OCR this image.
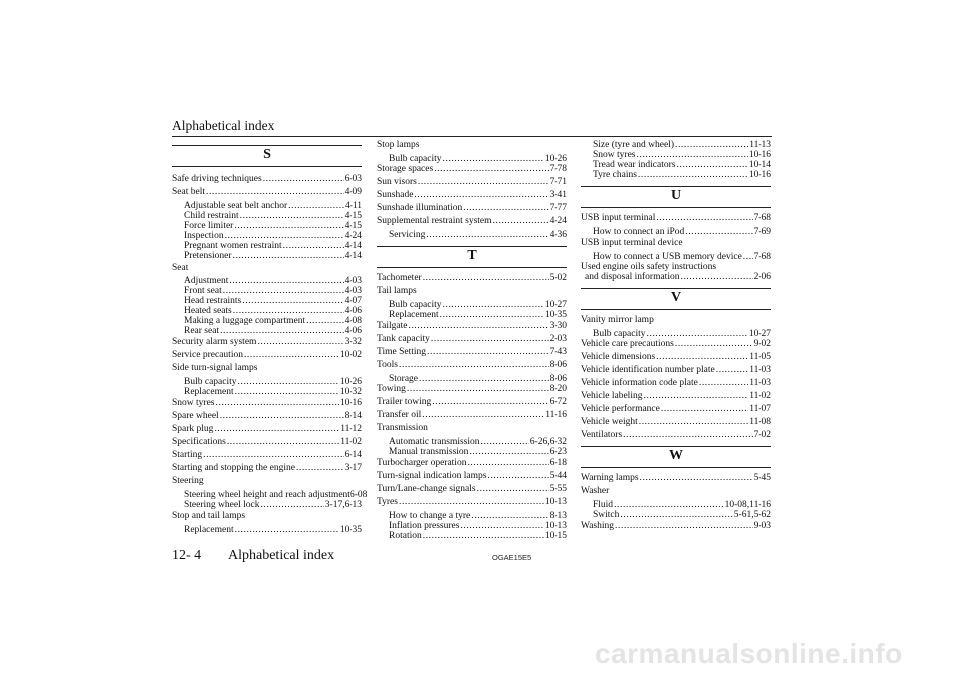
Alphabetical index
S
Safe driving techniques .....	6-03
Seat belt .....	4-09
Adjustable seat belt anchor .....	4-11
Child restraint .....	4-15
Force limiter .....	4-15
Inspection .....	4-24
Pregnant women restraint .....	4-14
Pretensioner .....	4-14
Seat
Adjustment .....	4-03
Front seat .....	4-03
Head restraints .....	4-07
Heated seats .....	4-06
Making a luggage compartment .....	4-08
Rear seat .....	4-06
Security alarm system .....	3-32
Service precaution .....	10-02
Side turn-signal lamps
Bulb capacity .....	10-26
Replacement .....	10-32
Snow tyres .....	10-16
Spare wheel .....	8-14
Spark plug .....	11-12
Specifications .....	11-02
Starting .....	6-14
Starting and stopping the engine .....	3-17
Steering
Steering wheel height and reach adjustment 6-08
Steering wheel lock .....	3-17,6-13
Stop and tail lamps
Replacement .....	10-35
Stop lamps
Bulb capacity .....	10-26
Storage spaces .....	7-78
Sun visors .....	7-71
Sunshade .....	3-41
Sunshade illumination .....	7-77
Supplemental restraint system .....	4-24
Servicing .....	4-36
T
Tachometer .....	5-02
Tail lamps
Bulb capacity .....	10-27
Replacement .....	10-35
Tailgate .....	3-30
Tank capacity .....	2-03
Time Setting .....	7-43
Tools .....	8-06
Storage .....	8-06
Towing .....	8-20
Trailer towing .....	6-72
Transfer oil .....	11-16
Transmission
Automatic transmission .....	6-26,6-32
Manual transmission .....	6-23
Turbocharger operation .....	6-18
Turn-signal indication lamps .....	5-44
Turn/Lane-change signals .....	5-55
Tyres .....	10-13
How to change a tyre .....	8-13
Inflation pressures .....	10-13
Rotation .....	10-15
Size (tyre and wheel) .....	11-13
Snow tyres .....	10-16
Tread wear indicators .....	10-14
Tyre chains .....	10-16
U
USB input terminal .....	7-68
How to connect an iPod .....	7-69
USB input terminal device
How to connect a USB memory device ..... 7-68
Used engine oils safety instructions
and disposal information .....	2-06
V
Vanity mirror lamp
Bulb capacity .....	10-27
Vehicle care precautions .....	9-02
Vehicle dimensions .....	11-05
Vehicle identification number plate .....	11-03
Vehicle information code plate .....	11-03
Vehicle labeling .....	11-02
Vehicle performance .....	11-07
Vehicle weight .....	11-08
Ventilators .....	7-02
W
Warning lamps .....	5-45
Washer
Fluid .....	10-08,11-16
Switch .....	5-61,5-62
Washing .....	9-03
12- 4 Alphabetical index	OGAE15E5
carmanualsonline.info
